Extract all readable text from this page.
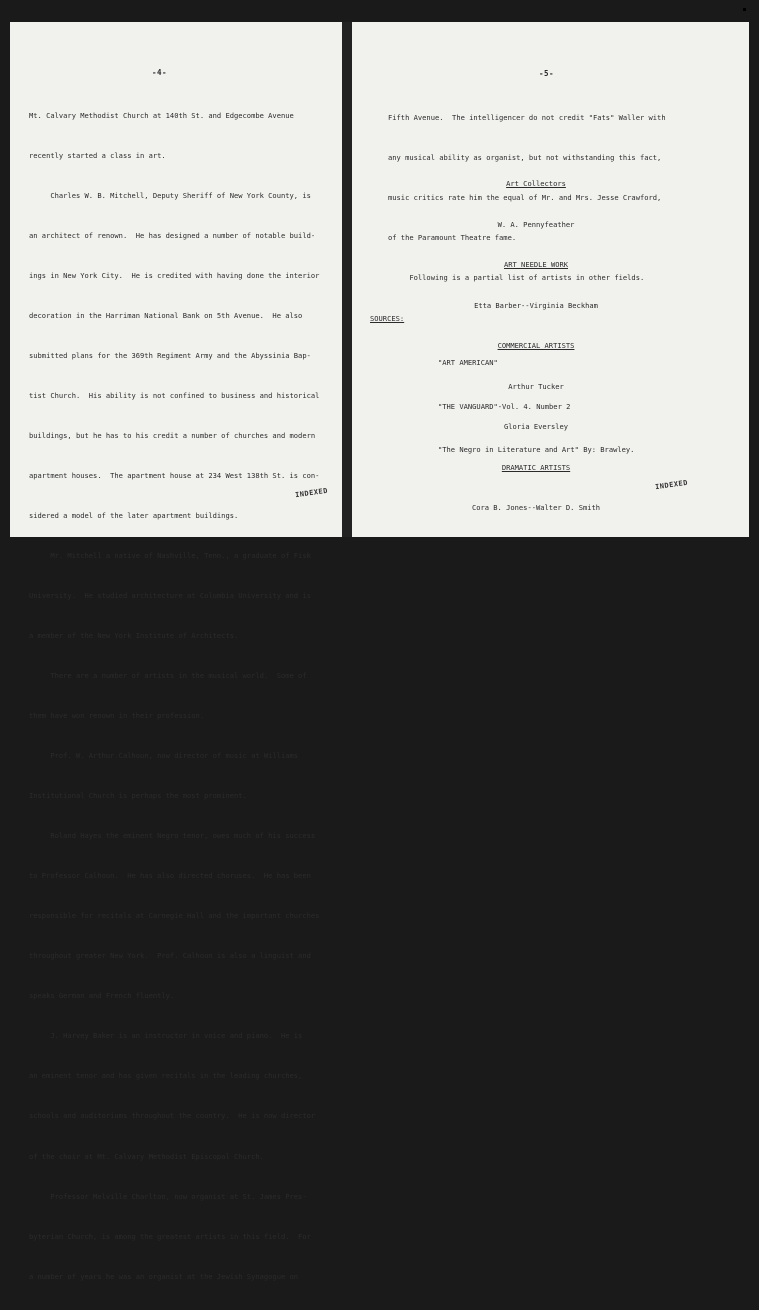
-4-

Mt. Calvary Methodist Church at 140th St. and Edgecombe Avenue

recently started a class in art.

Charles W. B. Mitchell, Deputy Sheriff of New York County, is

an architect of renown.  He has designed a number of notable build-

ings in New York City.  He is credited with having done the interior

decoration in the Harriman National Bank on 5th Avenue.  He also

submitted plans for the 369th Regiment Army and the Abyssinia Bap-

tist Church.  His ability is not confined to business and historical

buildings, but he has to his credit a number of churches and modern

apartment houses.  The apartment house at 234 West 138th St. is con-

sidered a model of the later apartment buildings.

Mr. Mitchell a native of Nashville, Tenn., a graduate of Fisk

University.  He studied architecture at Columbia University and is

a member of the New York Institute of Architects.

There are a number of artists in the musical world.  Some of

them have won renown in their profession.

Prof. W. Arthur Calhoun, now director of music at Williams

Institutional Church is perhaps the most prominent.

Roland Hayes the eminent Negro tenor, owes much of his success

to Professor Calhoun.  He has also directed choruses.  He has been

responsible for recitals at Carnegie Hall and the important churches

throughout greater New York.  Prof. Calhoun is also a linguist and

speaks German and French fluently.

J. Harvey Baker is an instructor in voice and piano.  He is

an eminent tenor and has given recitals in the leading churches,

schools and auditoriums throughout the country.  He is now director

of the choir at Mt. Calvary Methodist Episcopal Church.

Professor Melville Charlton, now organist at St. James Pres-

byterian Church, is among the greatest artists in this field.  For

a number of years he was an organist at the Jewish Synagogue on

INDEXED
-5-

Fifth Avenue.  The intelligencer do not credit "Fats" Waller with

any musical ability as organist, but not withstanding this fact,

music critics rate him the equal of Mr. and Mrs. Jesse Crawford,

of the Paramount Theatre fame.

Following is a partial list of artists in other fields.

Art Collectors

W. A. Pennyfeather

ART NEEDLE WORK

Etta Barber--Virginia Beckham

COMMERCIAL ARTISTS

Arthur Tucker

Gloria Eversley

DRAMATIC ARTISTS

Cora B. Jones--Walter D. Smith

SOURCES:

"ART AMERICAN"

"THE VANGUARD"-Vol. 4. Number 2

"The Negro in Literature and Art" By: Brawley.

INDEXED
